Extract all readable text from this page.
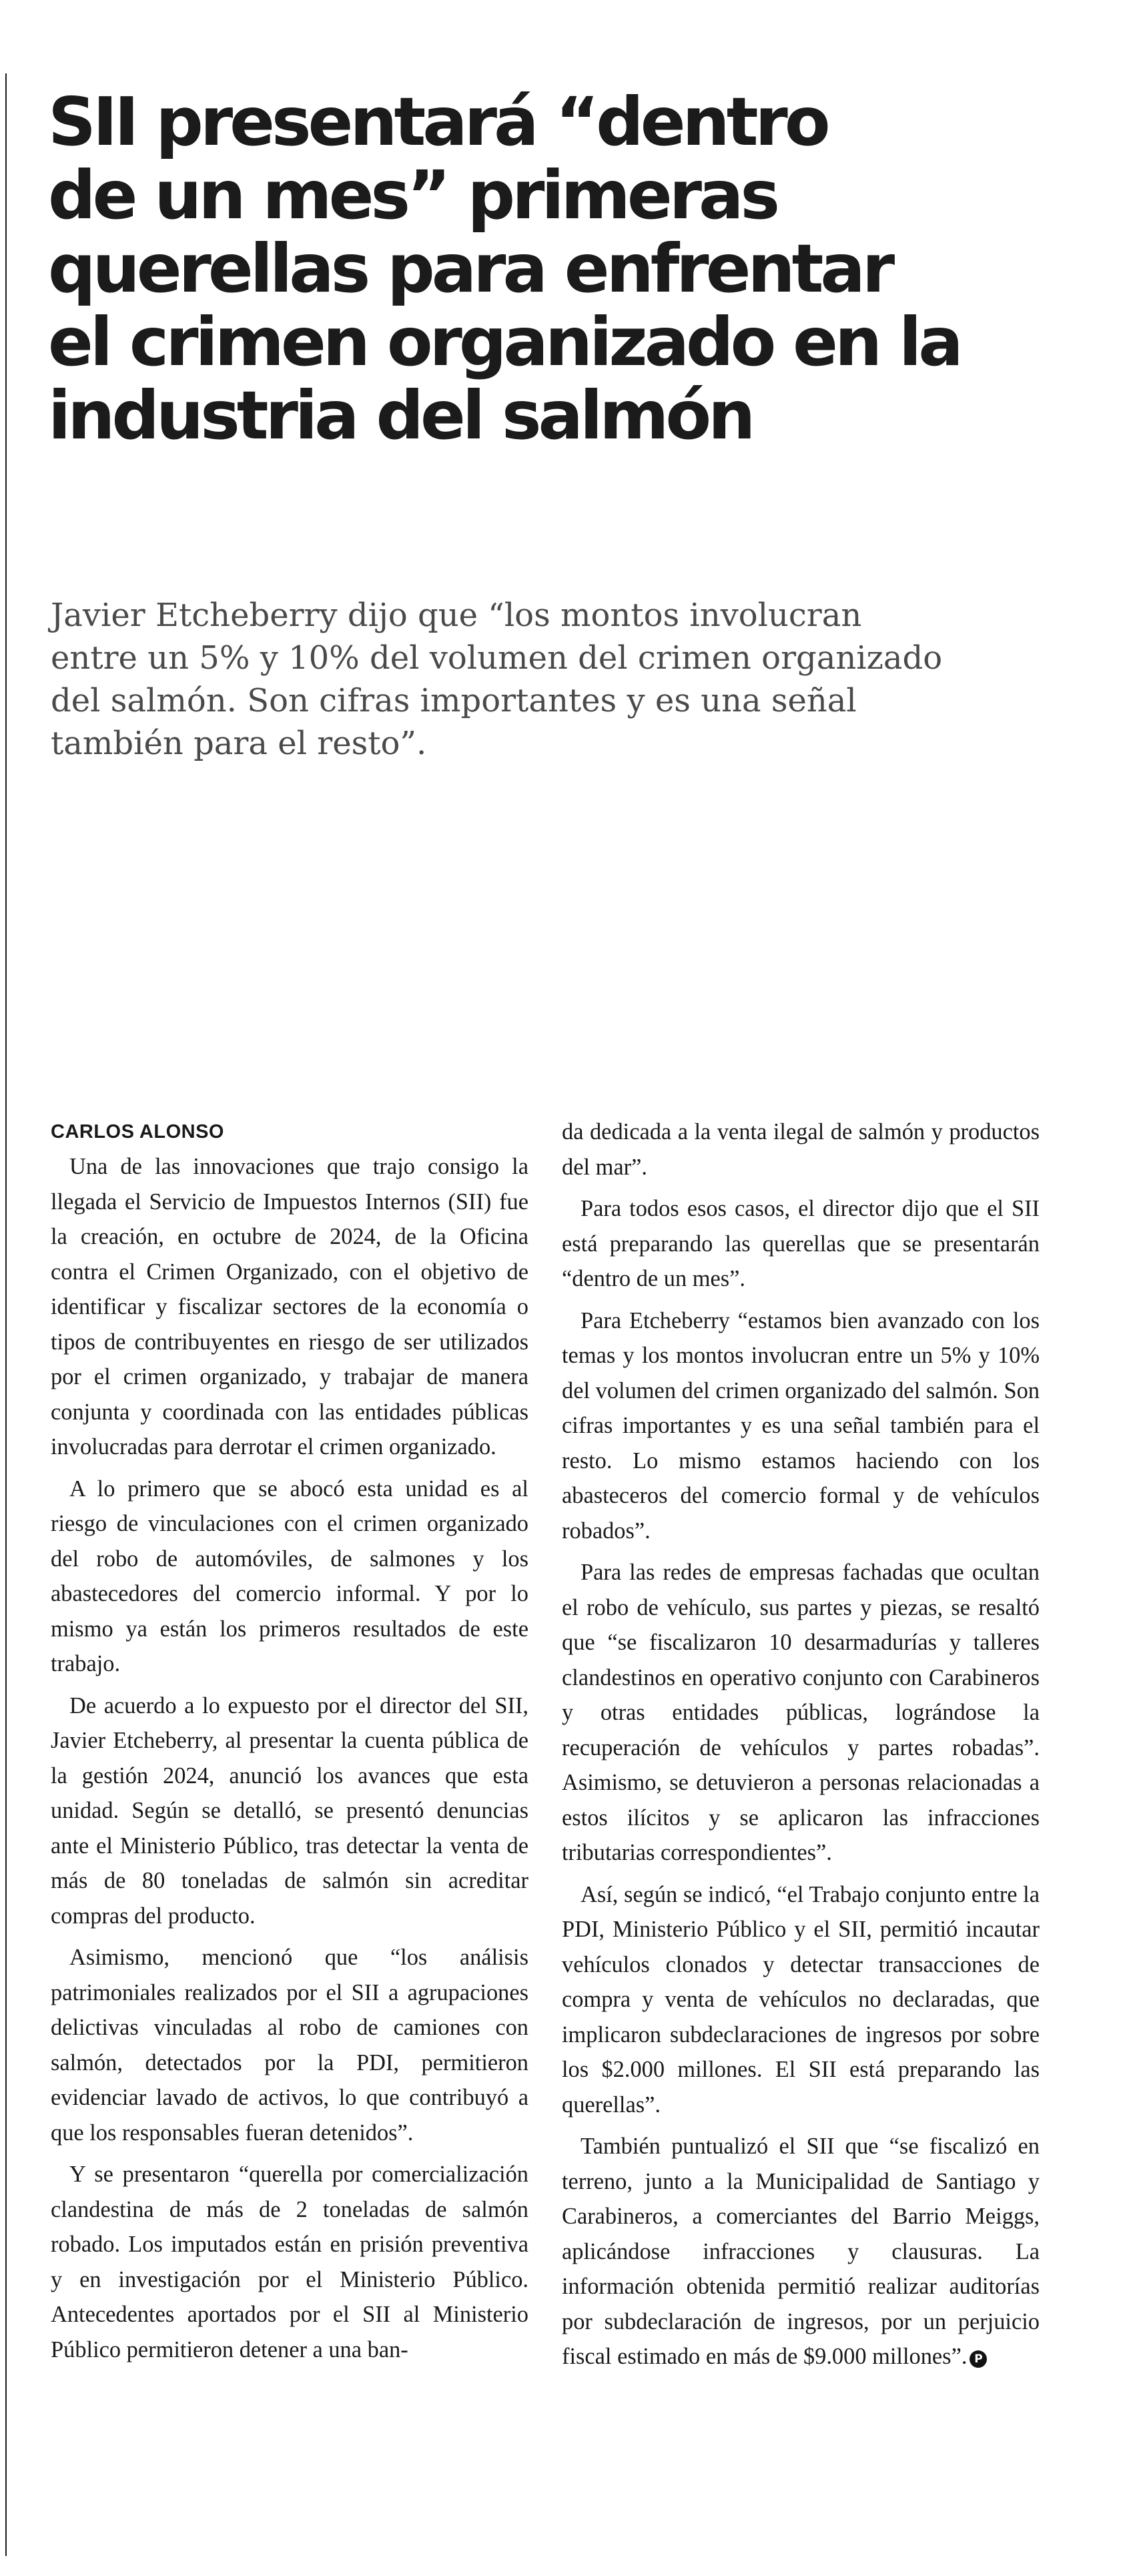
SII presentará “dentro
de un mes” primeras
querellas para enfrentar
el crimen organizado en la
industria del salmón

Javier Etcheberry dijo que “los montos involucran
entre un 5% y 10% del volumen del crimen organizado
del salmón. Son cifras importantes y es una señal
también para el resto”.

CARLOS ALONSO

Una de las innovaciones que trajo consigo la llegada el Servicio de Impuestos Internos (SII) fue la creación, en octubre de 2024, de la Oficina contra el Crimen Organizado, con el objetivo de identificar y fiscalizar sectores de la economía o tipos de contribuyentes en riesgo de ser utilizados por el crimen organizado, y trabajar de manera conjunta y coordinada con las entidades públicas involucradas para derrotar el crimen organizado.

A lo primero que se abocó esta unidad es al riesgo de vinculaciones con el crimen organizado del robo de automóviles, de salmones y los abastecedores del comercio informal. Y por lo mismo ya están los primeros resultados de este trabajo.

De acuerdo a lo expuesto por el director del SII, Javier Etcheberry, al presentar la cuenta pública de la gestión 2024, anunció los avances que esta unidad. Según se detalló, se presentó denuncias ante el Ministerio Público, tras detectar la venta de más de 80 toneladas de salmón sin acreditar compras del producto.

Asimismo, mencionó que “los análisis patrimoniales realizados por el SII a agrupaciones delictivas vinculadas al robo de camiones con salmón, detectados por la PDI, permitieron evidenciar lavado de activos, lo que contribuyó a que los responsables fueran detenidos”.

Y se presentaron “querella por comercialización clandestina de más de 2 toneladas de salmón robado. Los imputados están en prisión preventiva y en investigación por el Ministerio Público. Antecedentes aportados por el SII al Ministerio Público permitieron detener a una ban-

da dedicada a la venta ilegal de salmón y productos del mar”.

Para todos esos casos, el director dijo que el SII está preparando las querellas que se presentarán “dentro de un mes”.

Para Etcheberry “estamos bien avanzado con los temas y los montos involucran entre un 5% y 10% del volumen del crimen organizado del salmón. Son cifras importantes y es una señal también para el resto. Lo mismo estamos haciendo con los abasteceros del comercio formal y de vehículos robados”.

Para las redes de empresas fachadas que ocultan el robo de vehículo, sus partes y piezas, se resaltó que “se fiscalizaron 10 desarmadurías y talleres clandestinos en operativo conjunto con Carabineros y otras entidades públicas, lográndose la recuperación de vehículos y partes robadas”. Asimismo, se detuvieron a personas relacionadas a estos ilícitos y se aplicaron las infracciones tributarias correspondientes”.

Así, según se indicó, “el Trabajo conjunto entre la PDI, Ministerio Público y el SII, permitió incautar vehículos clonados y detectar transacciones de compra y venta de vehículos no declaradas, que implicaron subdeclaraciones de ingresos por sobre los $2.000 millones. El SII está preparando las querellas”.

También puntualizó el SII que “se fiscalizó en terreno, junto a la Municipalidad de Santiago y Carabineros, a comerciantes del Barrio Meiggs, aplicándose infracciones y clausuras. La información obtenida permitió realizar auditorías por subdeclaración de ingresos, por un perjuicio fiscal estimado en más de $9.000 millones”. P
